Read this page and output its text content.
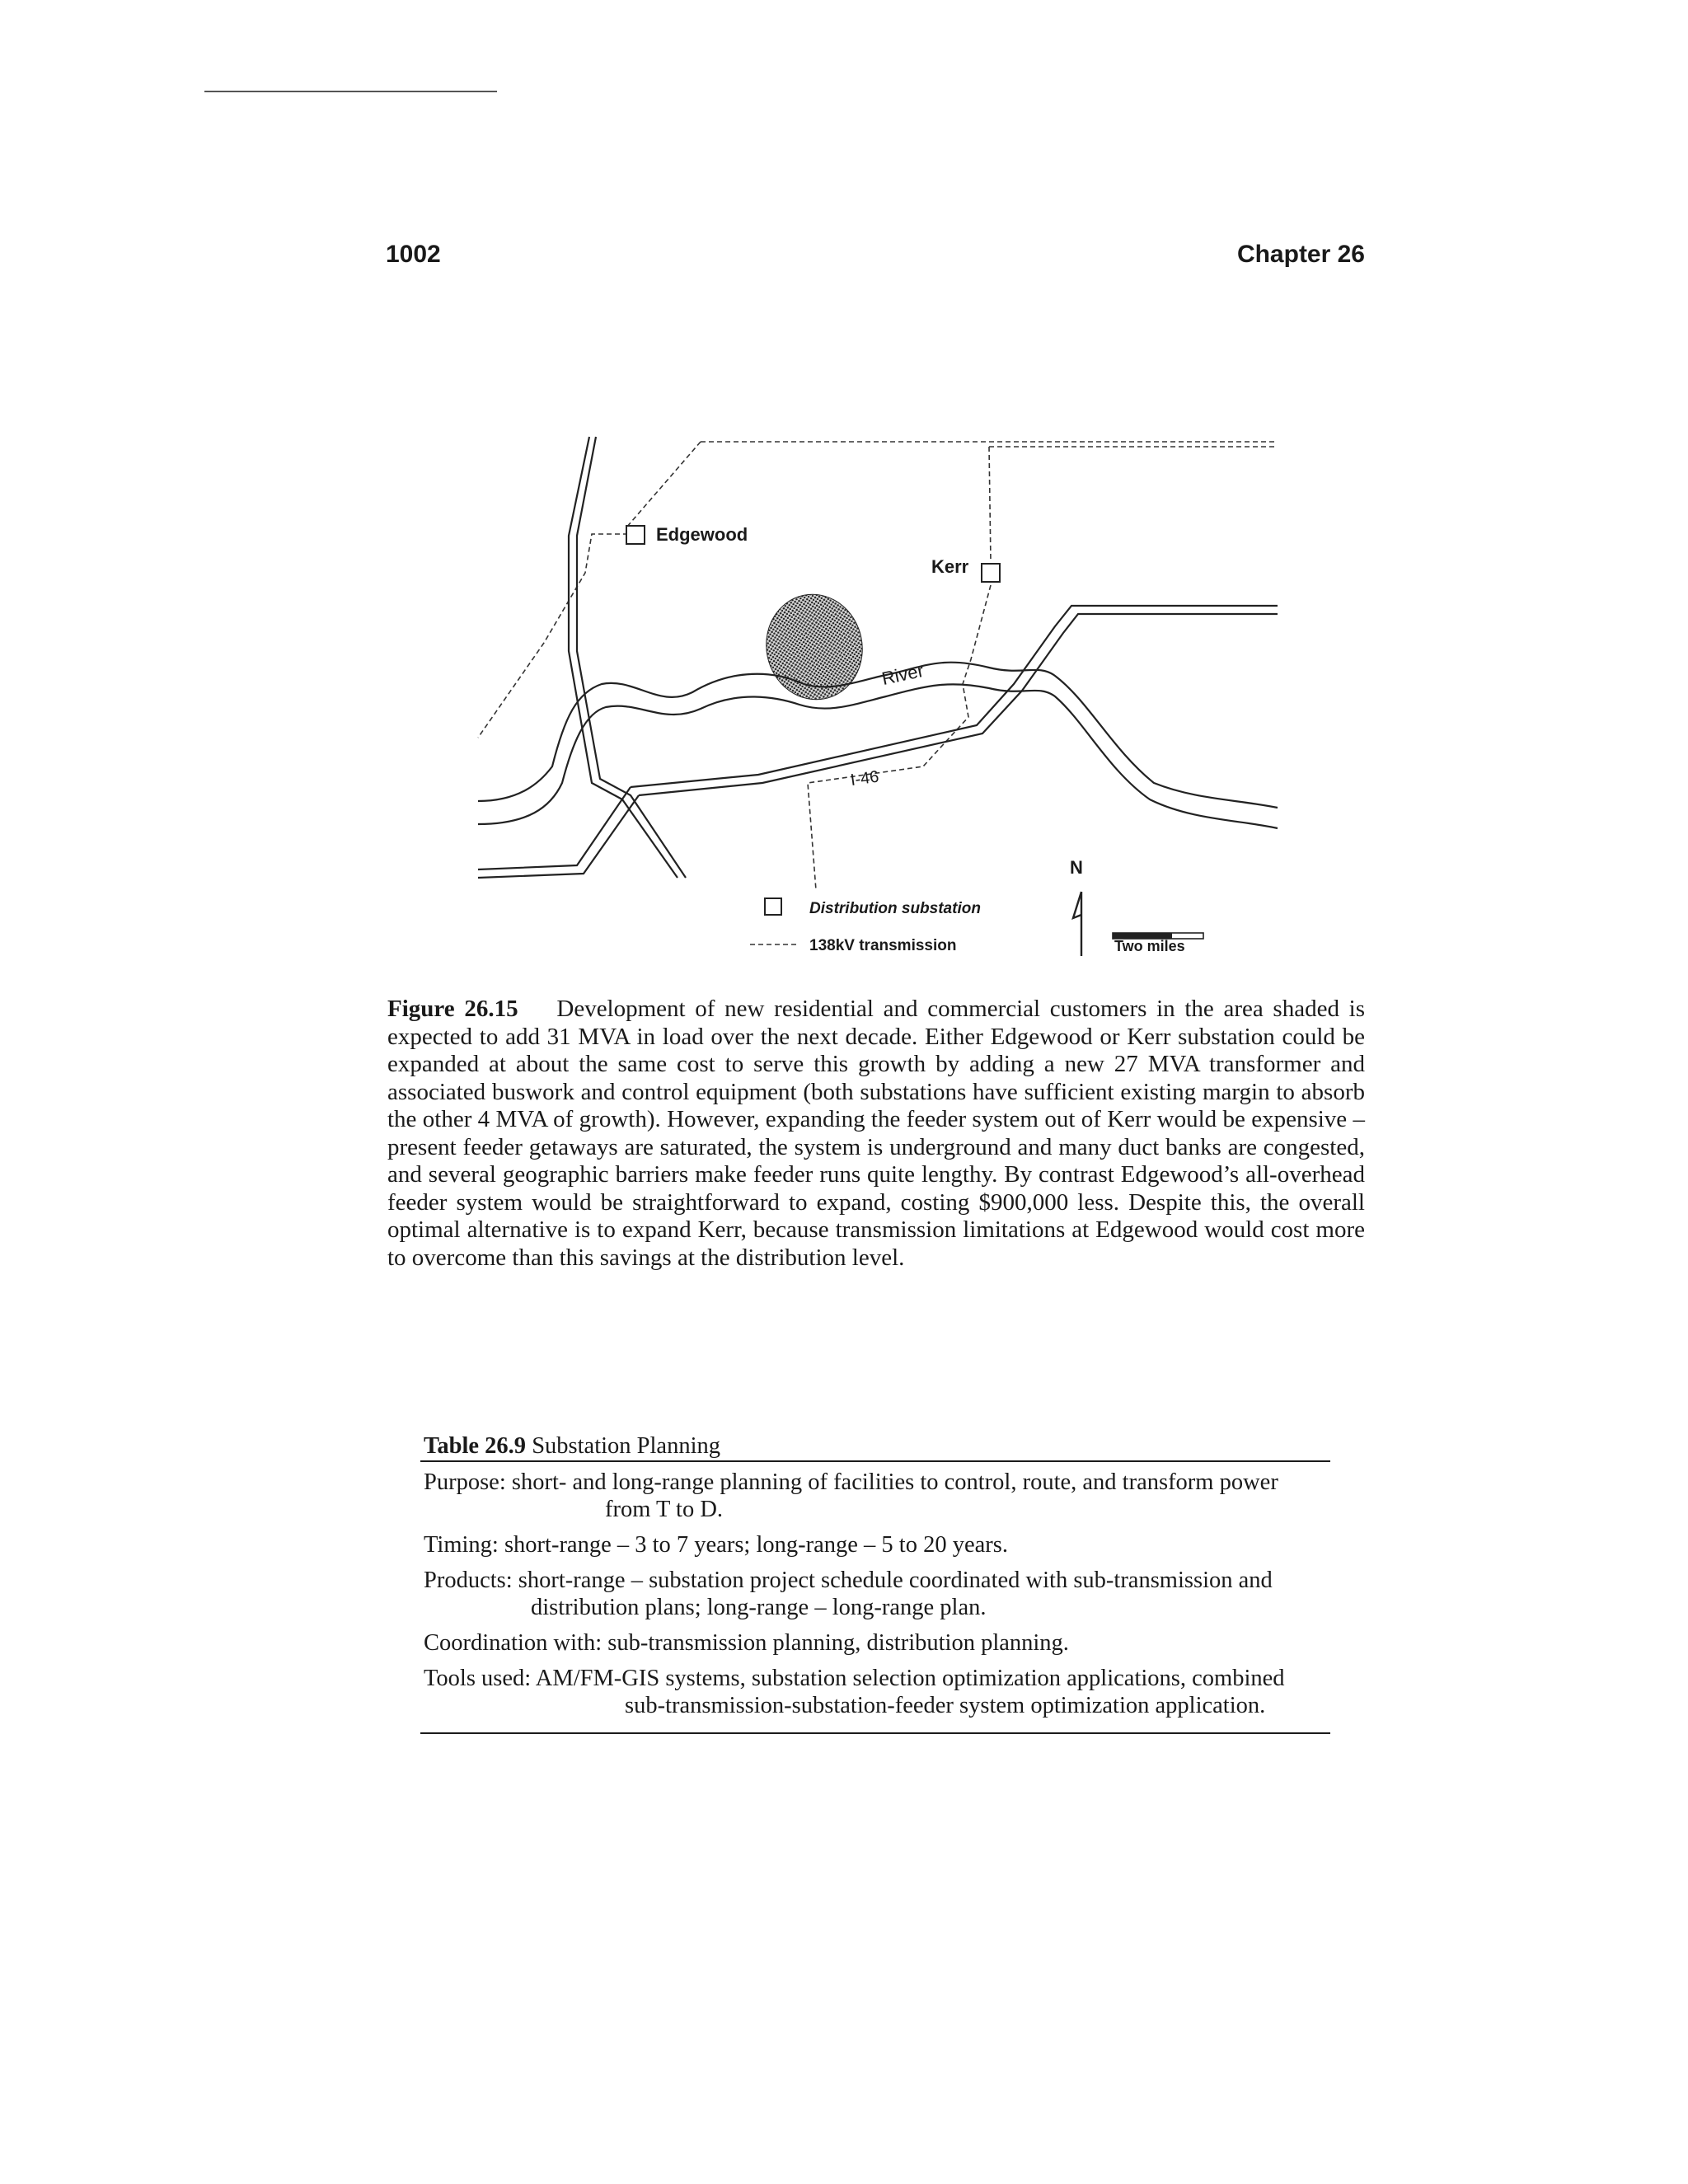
1002	Chapter 26
Edgewood
Kerr
River
I-46
Distribution substation
138kV transmission
N
Two miles
Figure 26.15 Development of new residential and commercial customers in the area shaded is expected to add 31 MVA in load over the next decade. Either Edgewood or Kerr substation could be expanded at about the same cost to serve this growth by adding a new 27 MVA transformer and associated buswork and control equipment (both substations have sufficient existing margin to absorb the other 4 MVA of growth). However, expanding the feeder system out of Kerr would be expensive – present feeder getaways are saturated, the system is underground and many duct banks are congested, and several geographic barriers make feeder runs quite lengthy. By contrast Edgewood’s all-overhead feeder system would be straightforward to expand, costing $900,000 less. Despite this, the overall optimal alternative is to expand Kerr, because transmission limitations at Edgewood would cost more to overcome than this savings at the distribution level.
Table 26.9 Substation Planning
Purpose: short- and long-range planning of facilities to control, route, and transform power
from T to D.
Timing: short-range – 3 to 7 years; long-range – 5 to 20 years.
Products: short-range – substation project schedule coordinated with sub-transmission and
distribution plans; long-range – long-range plan.
Coordination with: sub-transmission planning, distribution planning.
Tools used: AM/FM-GIS systems, substation selection optimization applications, combined
sub-transmission-substation-feeder system optimization application.
